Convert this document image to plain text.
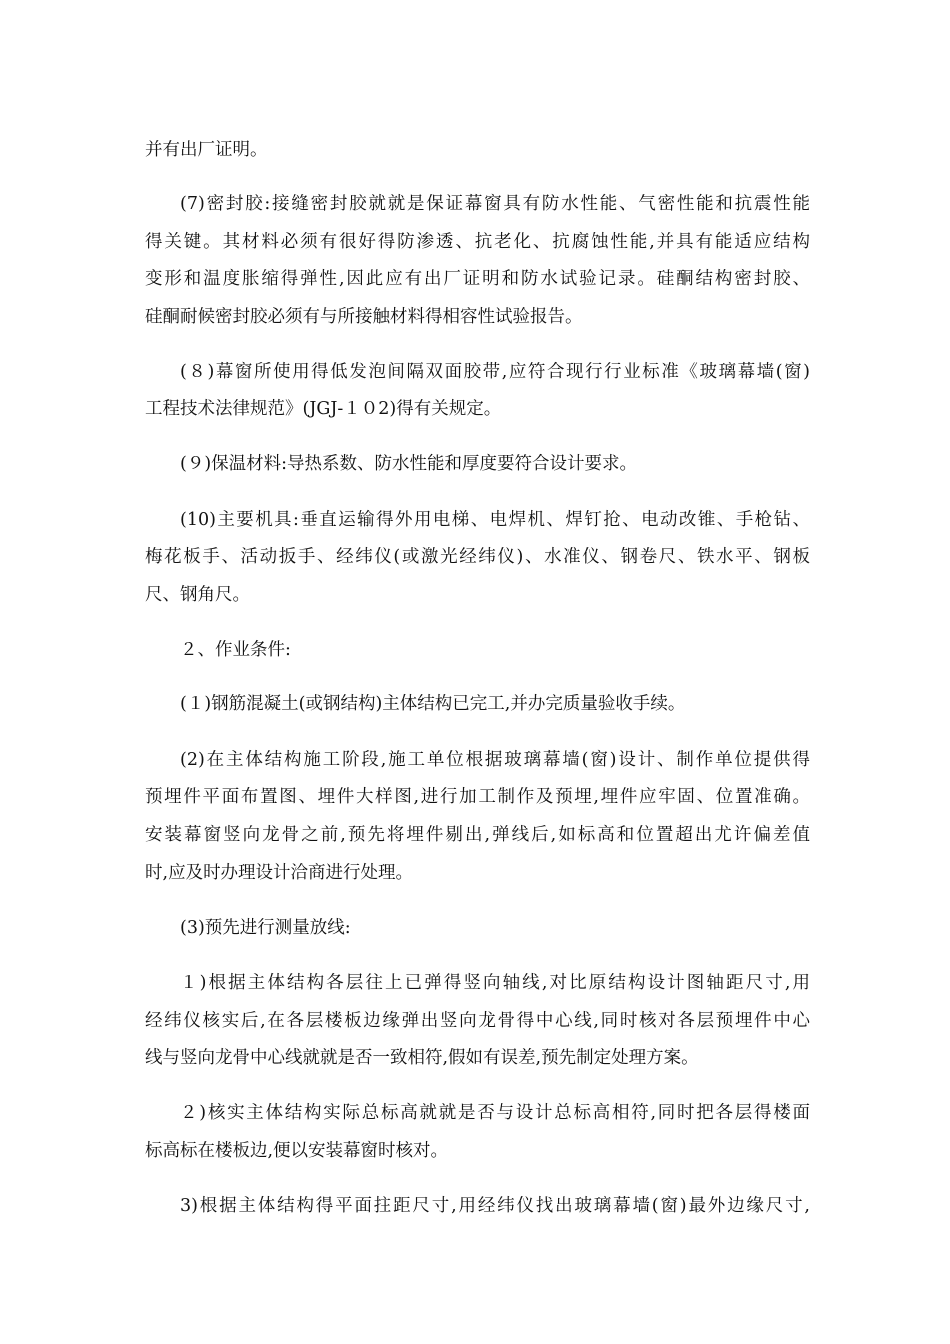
并有出厂证明。
(7)密封胶:接缝密封胶就就是保证幕窗具有防水性能、气密性能和抗震性能
得关键。其材料必须有很好得防渗透、抗老化、抗腐蚀性能,并具有能适应结构
变形和温度胀缩得弹性,因此应有出厂证明和防水试验记录。硅酮结构密封胶、
硅酮耐候密封胶必须有与所接触材料得相容性试验报告。
(８)幕窗所使用得低发泡间隔双面胶带,应符合现行行业标准《玻璃幕墙(窗)
工程技术法律规范》(JGJ-１０2)得有关规定。
(９)保温材料:导热系数、防水性能和厚度要符合设计要求。
(10)主要机具:垂直运输得外用电梯、电焊机、焊钉抢、电动改锥、手枪钻、
梅花板手、活动扳手、经纬仪(或激光经纬仪)、水准仪、钢卷尺、铁水平、钢板
尺、钢角尺。
２、作业条件:
(１)钢筋混凝土(或钢结构)主体结构已完工,并办完质量验收手续。
(2)在主体结构施工阶段,施工单位根据玻璃幕墙(窗)设计、制作单位提供得
预埋件平面布置图、埋件大样图,进行加工制作及预埋,埋件应牢固、位置准确。
安装幕窗竖向龙骨之前,预先将埋件剔出,弹线后,如标高和位置超出尤许偏差值
时,应及时办理设计洽商进行处理。
(3)预先进行测量放线:
１)根据主体结构各层往上已弹得竖向轴线,对比原结构设计图轴距尺寸,用
经纬仪核实后,在各层楼板边缘弹出竖向龙骨得中心线,同时核对各层预埋件中心
线与竖向龙骨中心线就就是否一致相符,假如有误差,预先制定处理方案。
２)核实主体结构实际总标高就就是否与设计总标高相符,同时把各层得楼面
标高标在楼板边,便以安装幕窗时核对。
3)根据主体结构得平面拄距尺寸,用经纬仪找出玻璃幕墙(窗)最外边缘尺寸,
